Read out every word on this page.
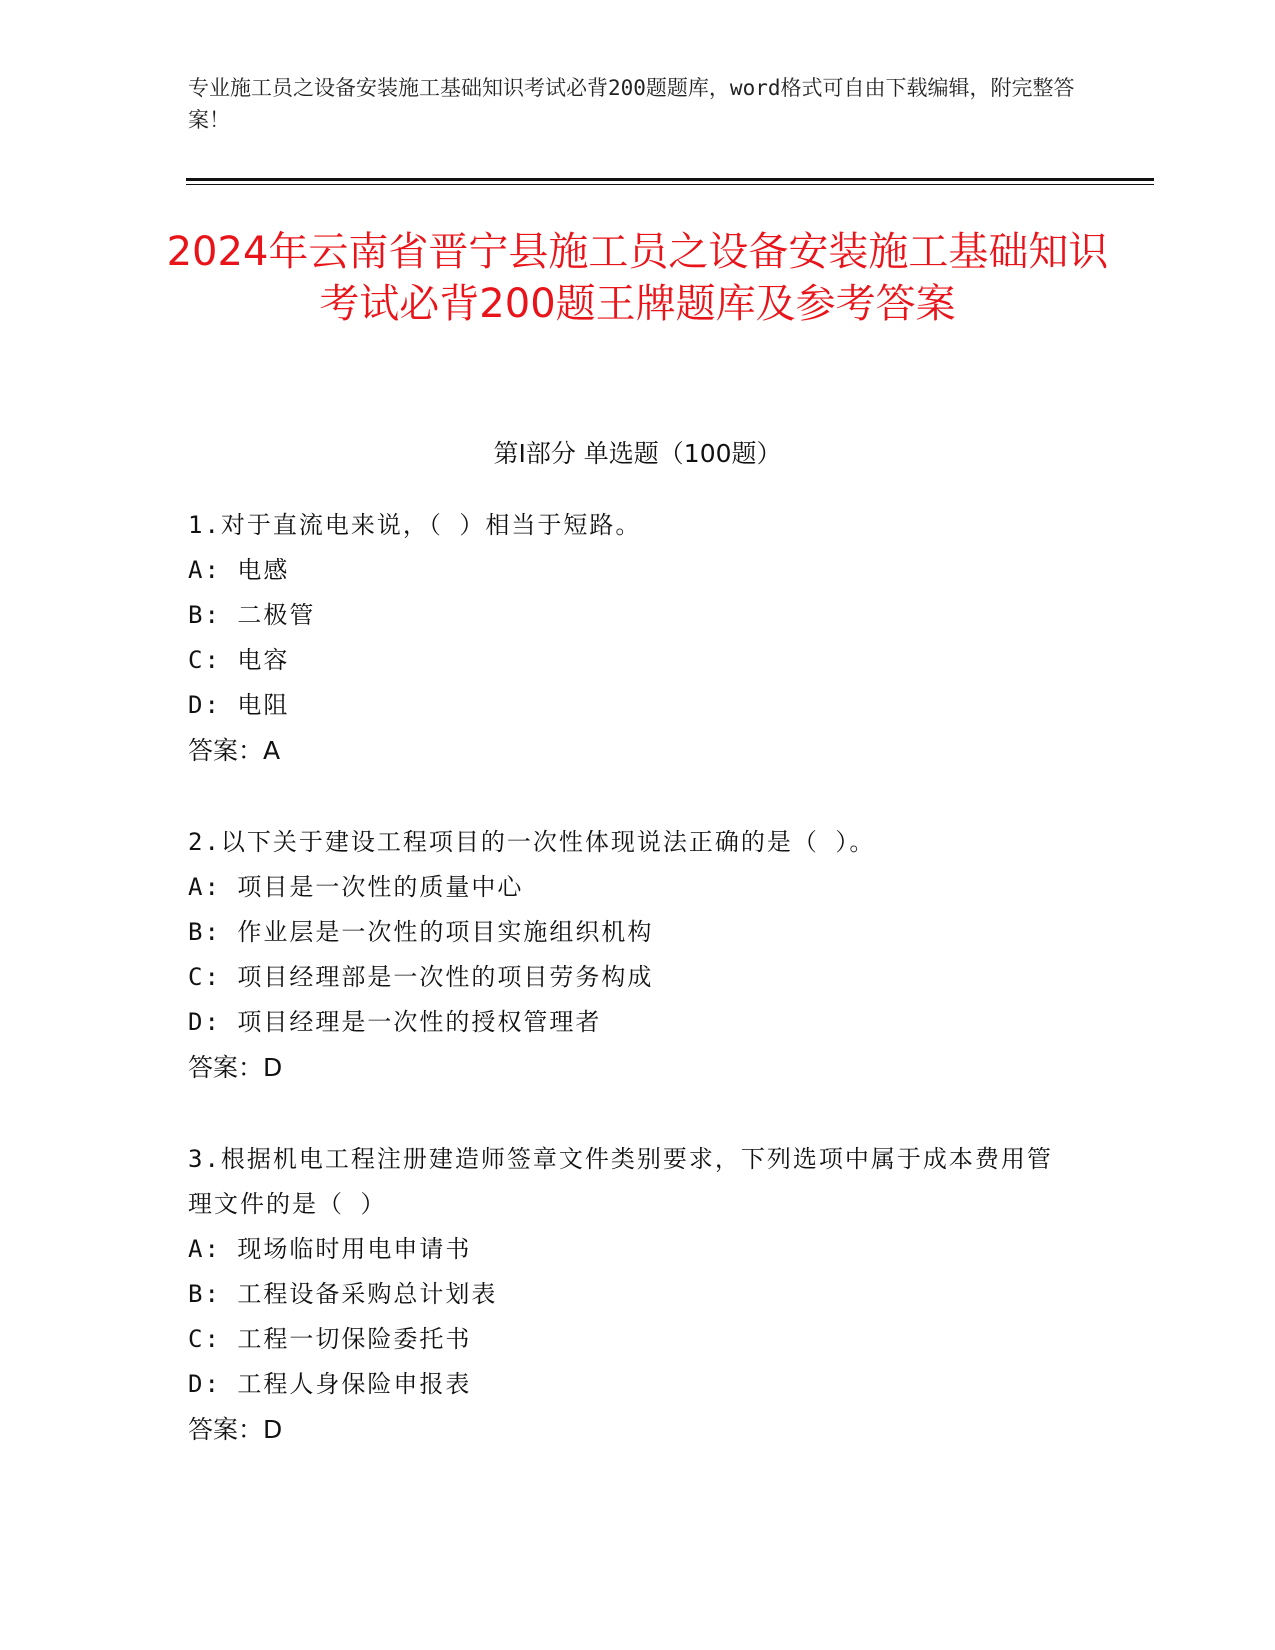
专业施工员之设备安装施工基础知识考试必背200题题库，word格式可自由下载编辑，附完整答案！
2024年云南省晋宁县施工员之设备安装施工基础知识考试必背200题王牌题库及参考答案
第Ⅰ部分 单选题（100题）

1.对于直流电来说，（ ）相当于短路。

A: 电感

B: 二极管

C: 电容

D: 电阻

答案：A

2.以下关于建设工程项目的一次性体现说法正确的是（ ）。

A: 项目是一次性的质量中心

B: 作业层是一次性的项目实施组织机构

C: 项目经理部是一次性的项目劳务构成

D: 项目经理是一次性的授权管理者

答案：D

3.根据机电工程注册建造师签章文件类别要求，下列选项中属于成本费用管理文件的是（ ）

A: 现场临时用电申请书

B: 工程设备采购总计划表

C: 工程一切保险委托书

D: 工程人身保险申报表

答案：D
